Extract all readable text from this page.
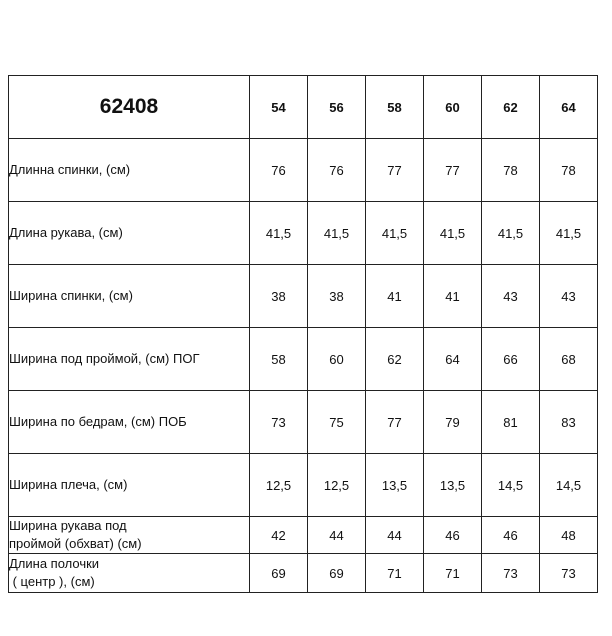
62408	54	56	58	60	62	64
Длинна спинки, (см)	76	76	77	77	78	78
Длина рукава, (см)	41,5	41,5	41,5	41,5	41,5	41,5
Ширина спинки, (см)	38	38	41	41	43	43
Ширина под проймой, (см) ПОГ	58	60	62	64	66	68
Ширина по бедрам, (см) ПОБ	73	75	77	79	81	83
Ширина плеча, (см)	12,5	12,5	13,5	13,5	14,5	14,5
Ширина рукава под
проймой (обхват) (см)	42	44	44	46	46	48
Длина полочки
( центр ), (см)	69	69	71	71	73	73
